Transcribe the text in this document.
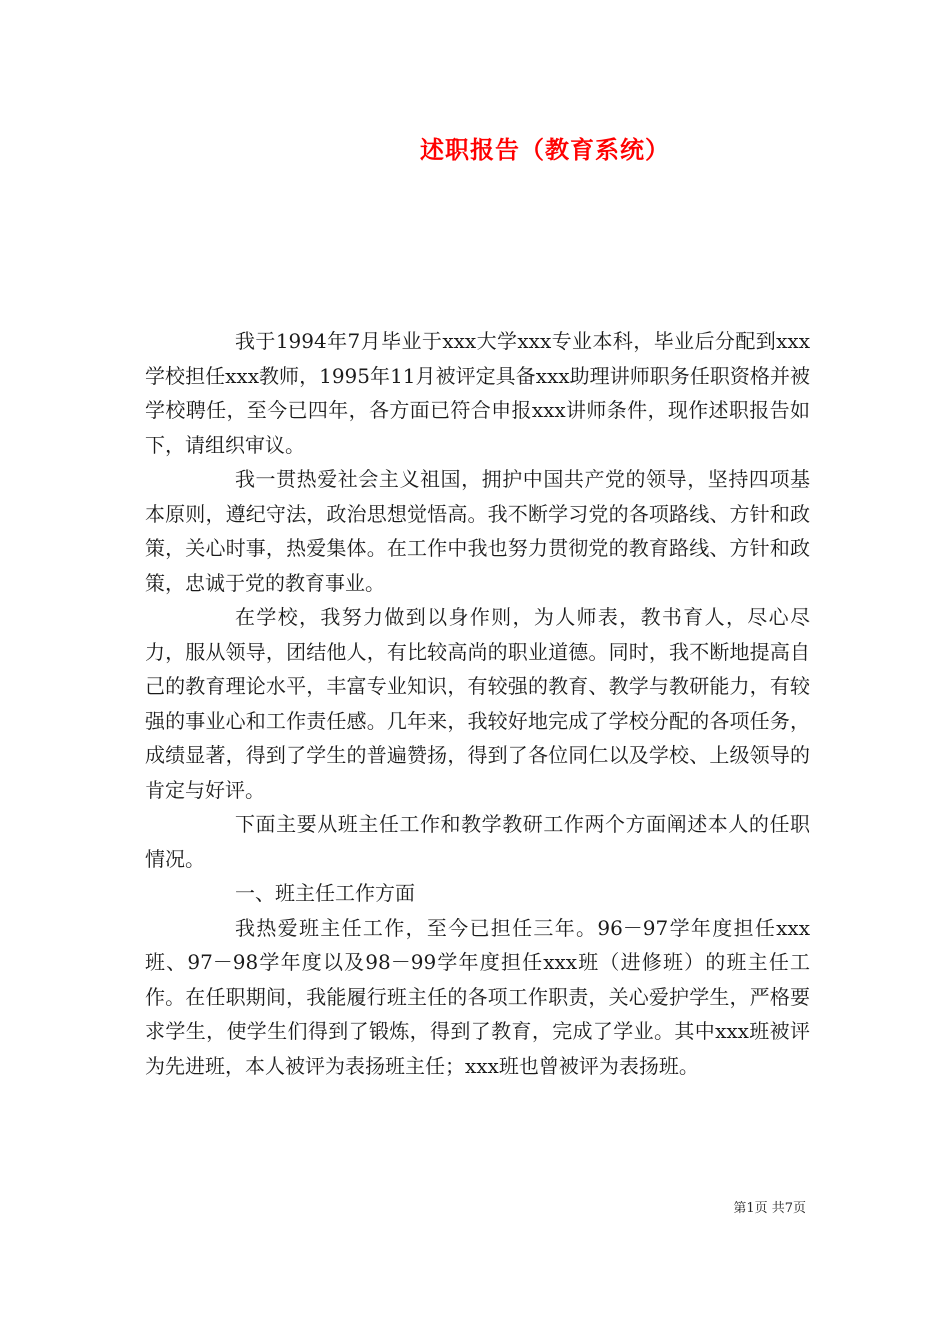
述职报告（教育系统）

我于1994年7月毕业于xxx大学xxx专业本科，毕业后分配到xxx学校担任xxx教师，1995年11月被评定具备xxx助理讲师职务任职资格并被学校聘任，至今已四年，各方面已符合申报xxx讲师条件，现作述职报告如下，请组织审议。

我一贯热爱社会主义祖国，拥护中国共产党的领导，坚持四项基本原则，遵纪守法，政治思想觉悟高。我不断学习党的各项路线、方针和政策，关心时事，热爱集体。在工作中我也努力贯彻党的教育路线、方针和政策，忠诚于党的教育事业。

在学校，我努力做到以身作则，为人师表，教书育人，尽心尽力，服从领导，团结他人，有比较高尚的职业道德。同时，我不断地提高自己的教育理论水平，丰富专业知识，有较强的教育、教学与教研能力，有较强的事业心和工作责任感。几年来，我较好地完成了学校分配的各项任务，成绩显著，得到了学生的普遍赞扬，得到了各位同仁以及学校、上级领导的肯定与好评。

下面主要从班主任工作和教学教研工作两个方面阐述本人的任职情况。

一、班主任工作方面

我热爱班主任工作，至今已担任三年。96－97学年度担任xxx班、97－98学年度以及98－99学年度担任xxx班（进修班）的班主任工作。在任职期间，我能履行班主任的各项工作职责，关心爱护学生，严格要求学生，使学生们得到了锻炼，得到了教育，完成了学业。其中xxx班被评为先进班，本人被评为表扬班主任；xxx班也曾被评为表扬班。

第1页 共7页
